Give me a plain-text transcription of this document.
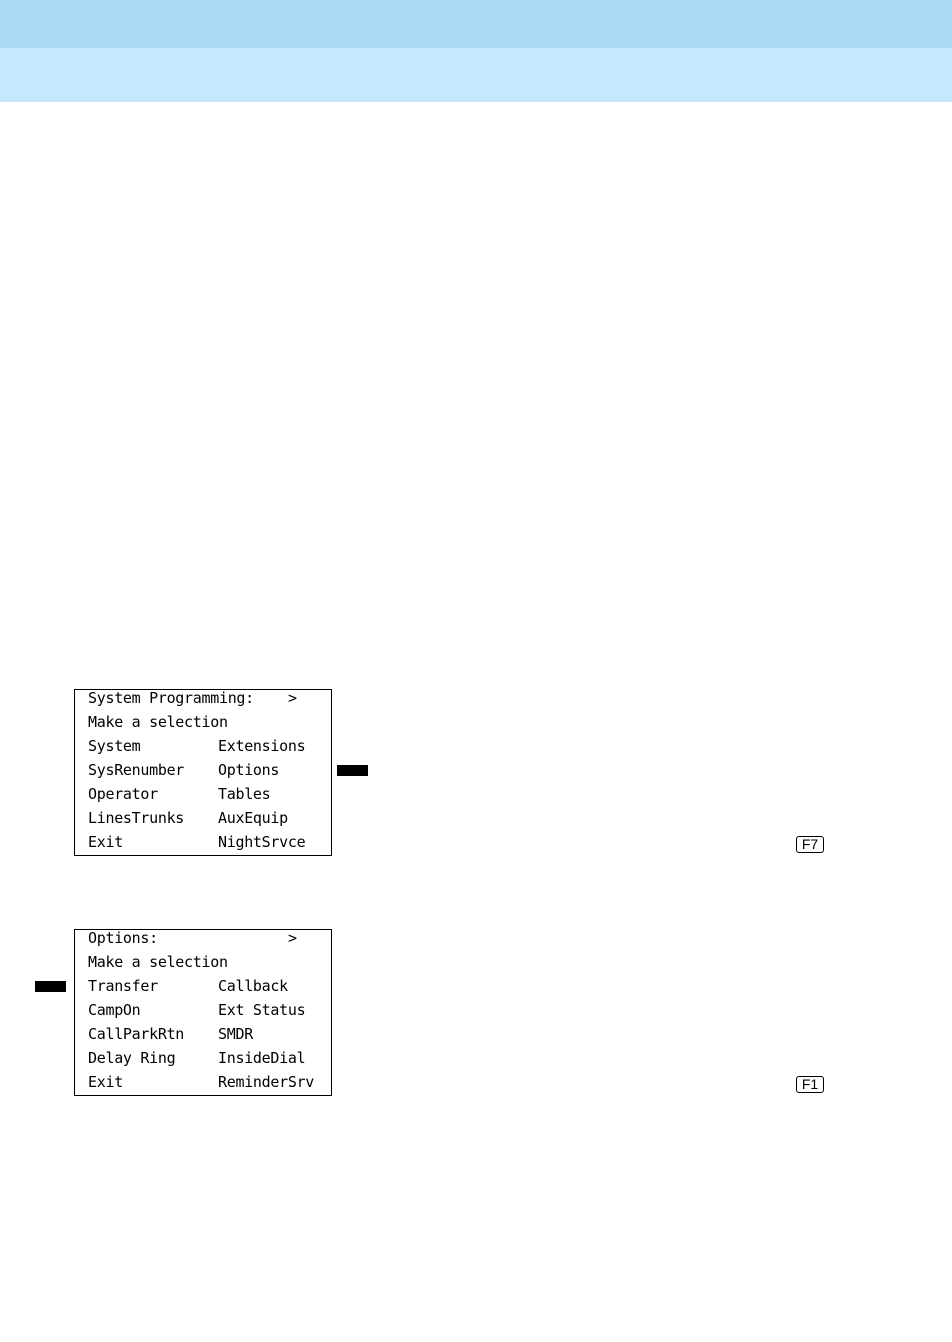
System Programming: >
Make a selection
System	Extensions
SysRenumber Options
Operator	Tables
LinesTrunks AuxEquip
Exit	NightSrvce	F7
Options:	>
Make a selection
Transfer	Callback
CampOn	Ext Status
CallParkRtn SMDR
Delay Ring	InsideDial
Exit	ReminderSrv	F1
